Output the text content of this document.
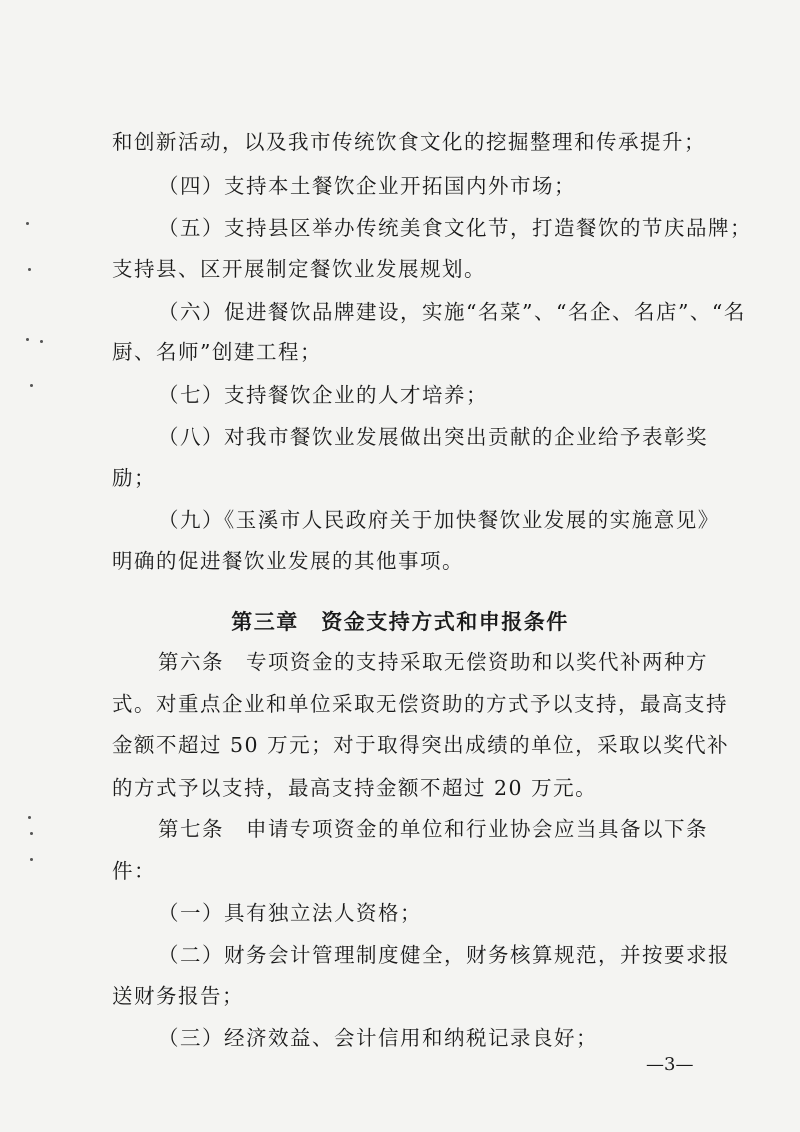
和创新活动，以及我市传统饮食文化的挖掘整理和传承提升；
（四）支持本土餐饮企业开拓国内外市场；
（五）支持县区举办传统美食文化节，打造餐饮的节庆品牌；
支持县、区开展制定餐饮业发展规划。
（六）促进餐饮品牌建设，实施“名菜”、“名企、名店”、“名
厨、名师”创建工程；
（七）支持餐饮企业的人才培养；
（八）对我市餐饮业发展做出突出贡献的企业给予表彰奖
励；
（九）《玉溪市人民政府关于加快餐饮业发展的实施意见》
明确的促进餐饮业发展的其他事项。
第三章　资金支持方式和申报条件
第六条　专项资金的支持采取无偿资助和以奖代补两种方
式。对重点企业和单位采取无偿资助的方式予以支持，最高支持
金额不超过 50 万元；对于取得突出成绩的单位，采取以奖代补
的方式予以支持，最高支持金额不超过 20 万元。
第七条　申请专项资金的单位和行业协会应当具备以下条
件：
（一）具有独立法人资格；
（二）财务会计管理制度健全，财务核算规范，并按要求报
送财务报告；
（三）经济效益、会计信用和纳税记录良好；
—3—
